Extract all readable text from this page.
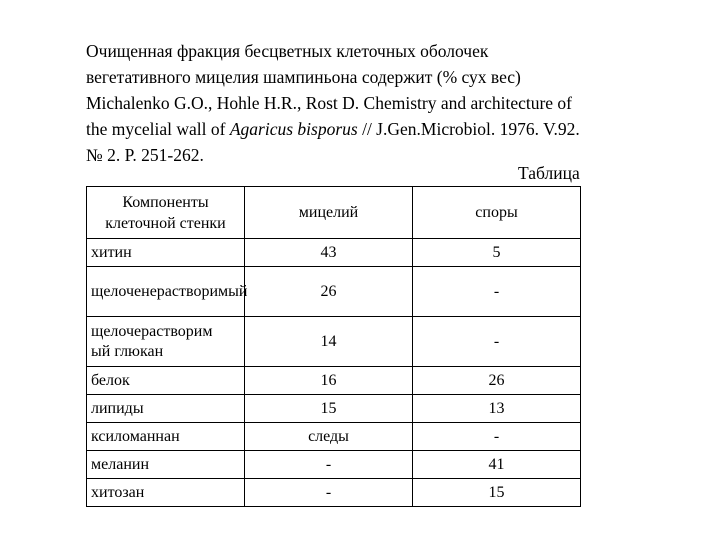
Очищенная фракция бесцветных клеточных оболочек
вегетативного мицелия шампиньона содержит (% сух вес)
Michalenko G.O., Hohle H.R., Rost D. Chemistry and architecture of
the mycelial wall of Agaricus bisporus // J.Gen.Microbiol. 1976. V.92.
№ 2. P. 251-262.
Таблица
Компоненты
клеточной стенки	мицелий	споры
хитин	43	5
щелоченерастворимый	26	-
щелочерастворим
ый глюкан	14	-
белок	16	26
липиды	15	13
ксиломаннан	следы	-
меланин	-	41
хитозан	-	15
